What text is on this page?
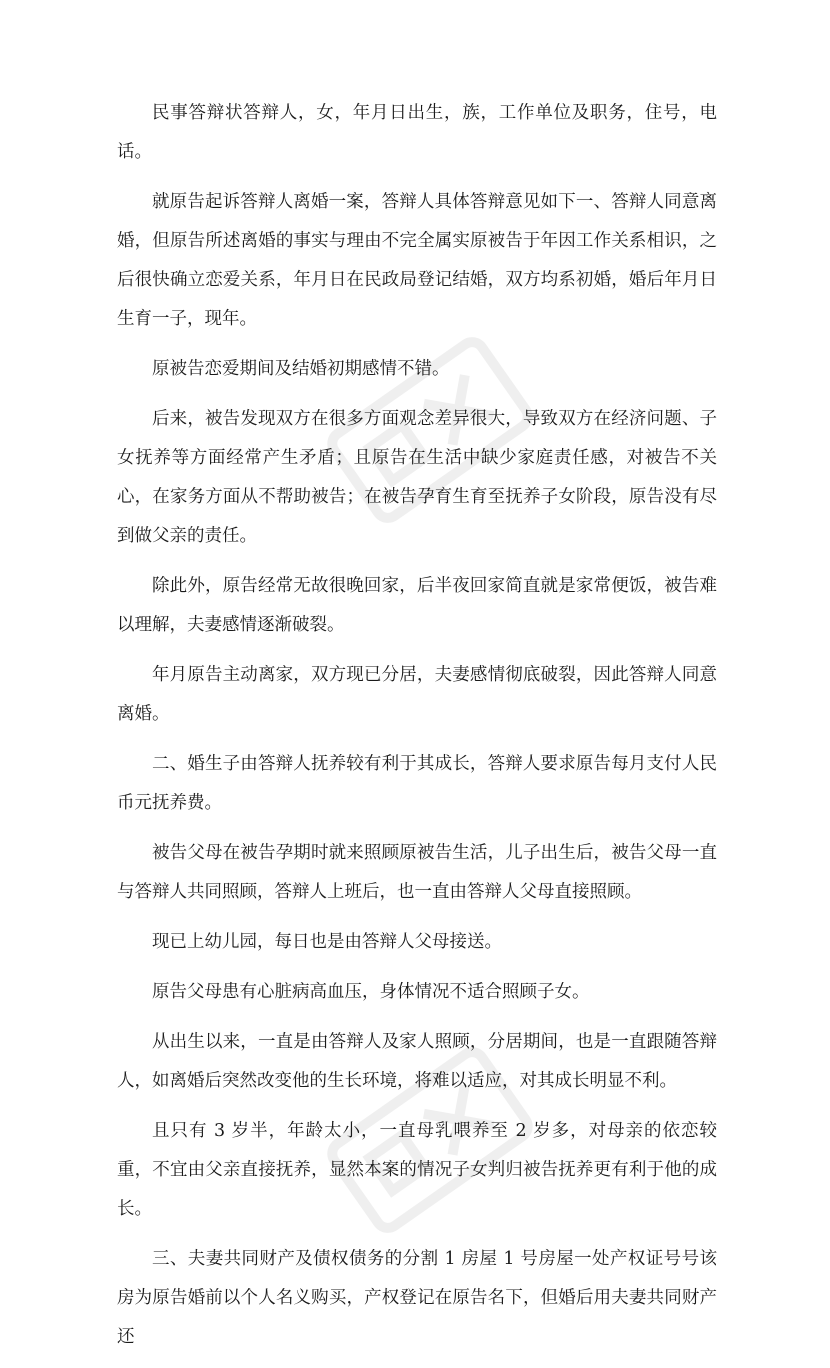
民事答辩状答辩人，女，年月日出生，族，工作单位及职务，住号，电话。

就原告起诉答辩人离婚一案，答辩人具体答辩意见如下一、答辩人同意离婚，但原告所述离婚的事实与理由不完全属实原被告于年因工作关系相识，之后很快确立恋爱关系，年月日在民政局登记结婚，双方均系初婚，婚后年月日生育一子，现年。

原被告恋爱期间及结婚初期感情不错。

后来，被告发现双方在很多方面观念差异很大，导致双方在经济问题、子女抚养等方面经常产生矛盾；且原告在生活中缺少家庭责任感，对被告不关心，在家务方面从不帮助被告；在被告孕育生育至抚养子女阶段，原告没有尽到做父亲的责任。

除此外，原告经常无故很晚回家，后半夜回家简直就是家常便饭，被告难以理解，夫妻感情逐渐破裂。

年月原告主动离家，双方现已分居，夫妻感情彻底破裂，因此答辩人同意离婚。

二、婚生子由答辩人抚养较有利于其成长，答辩人要求原告每月支付人民币元抚养费。

被告父母在被告孕期时就来照顾原被告生活，儿子出生后，被告父母一直与答辩人共同照顾，答辩人上班后，也一直由答辩人父母直接照顾。

现已上幼儿园，每日也是由答辩人父母接送。

原告父母患有心脏病高血压，身体情况不适合照顾子女。

从出生以来，一直是由答辩人及家人照顾，分居期间，也是一直跟随答辩人，如离婚后突然改变他的生长环境，将难以适应，对其成长明显不利。

且只有 3 岁半，年龄太小，一直母乳喂养至 2 岁多，对母亲的依恋较重，不宜由父亲直接抚养，显然本案的情况子女判归被告抚养更有利于他的成长。

三、夫妻共同财产及债权债务的分割 1 房屋 1 号房屋一处产权证号号该房为原告婚前以个人名义购买，产权登记在原告名下，但婚后用夫妻共同财产还
